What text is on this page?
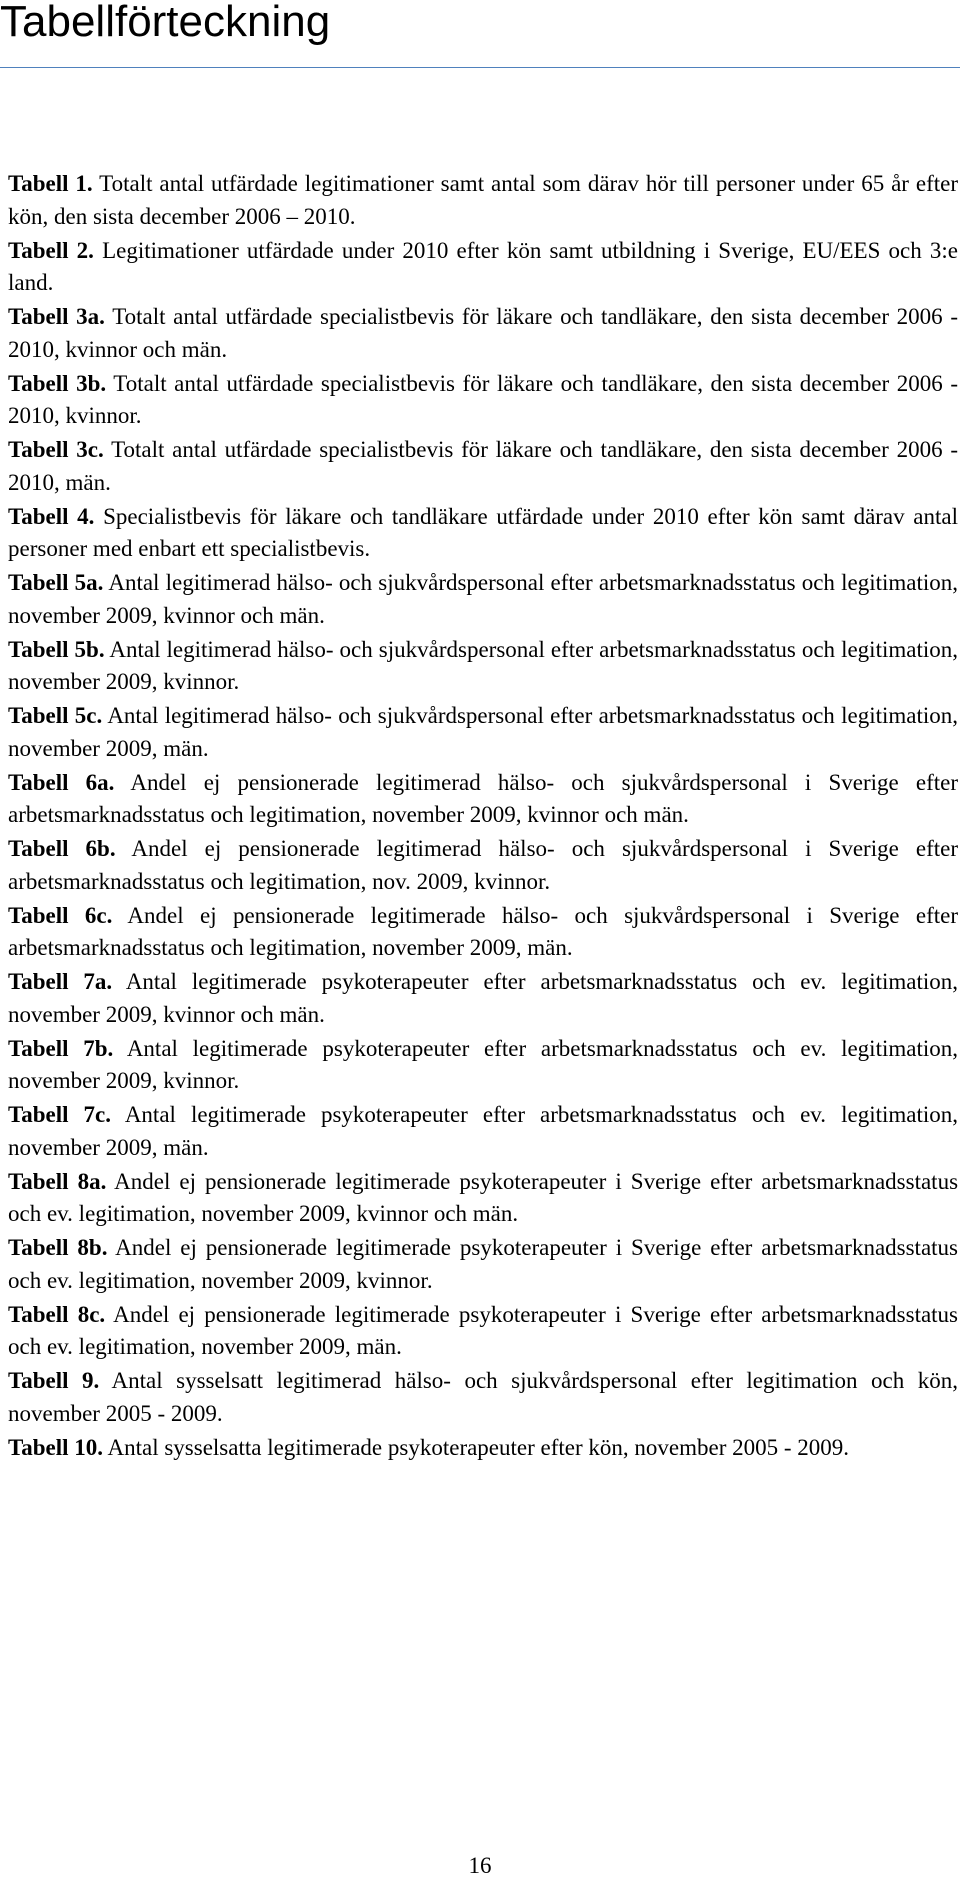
Tabellförteckning
Tabell 1. Totalt antal utfärdade legitimationer samt antal som därav hör till personer under 65 år efter kön, den sista december 2006 – 2010.
Tabell 2. Legitimationer utfärdade under 2010 efter kön samt utbildning i Sverige, EU/EES och 3:e land.
Tabell 3a. Totalt antal utfärdade specialistbevis för läkare och tandläkare, den sista december 2006 - 2010, kvinnor och män.
Tabell 3b. Totalt antal utfärdade specialistbevis för läkare och tandläkare, den sista december 2006 - 2010, kvinnor.
Tabell 3c. Totalt antal utfärdade specialistbevis för läkare och tandläkare, den sista december 2006 - 2010, män.
Tabell 4. Specialistbevis för läkare och tandläkare utfärdade under 2010 efter kön samt därav antal personer med enbart ett specialistbevis.
Tabell 5a. Antal legitimerad hälso- och sjukvårdspersonal efter arbetsmarknadsstatus och legitimation, november 2009, kvinnor och män.
Tabell 5b. Antal legitimerad hälso- och sjukvårdspersonal efter arbetsmarknadsstatus och legitimation, november 2009, kvinnor.
Tabell 5c. Antal legitimerad hälso- och sjukvårdspersonal efter arbetsmarknadsstatus och legitimation, november 2009, män.
Tabell 6a. Andel ej pensionerade legitimerad hälso- och sjukvårdspersonal i Sverige efter arbetsmarknadsstatus och legitimation, november 2009, kvinnor och män.
Tabell 6b. Andel ej pensionerade legitimerad hälso- och sjukvårdspersonal i Sverige efter arbetsmarknadsstatus och legitimation, nov. 2009, kvinnor.
Tabell 6c. Andel ej pensionerade legitimerade hälso- och sjukvårdspersonal i Sverige efter arbetsmarknadsstatus och legitimation, november 2009, män.
Tabell 7a. Antal legitimerade psykoterapeuter efter arbetsmarknadsstatus och ev. legitimation, november 2009, kvinnor och män.
Tabell 7b. Antal legitimerade psykoterapeuter efter arbetsmarknadsstatus och ev. legitimation, november 2009, kvinnor.
Tabell 7c. Antal legitimerade psykoterapeuter efter arbetsmarknadsstatus och ev. legitimation, november 2009, män.
Tabell 8a. Andel ej pensionerade legitimerade psykoterapeuter i Sverige efter arbetsmarknadsstatus och ev. legitimation, november 2009, kvinnor och män.
Tabell 8b. Andel ej pensionerade legitimerade psykoterapeuter i Sverige efter arbetsmarknadsstatus och ev. legitimation, november 2009, kvinnor.
Tabell 8c. Andel ej pensionerade legitimerade psykoterapeuter i Sverige efter arbetsmarknadsstatus och ev. legitimation, november 2009, män.
Tabell 9. Antal sysselsatt legitimerad hälso- och sjukvårdspersonal efter legitimation och kön, november 2005 - 2009.
Tabell 10. Antal sysselsatta legitimerade psykoterapeuter efter kön, november 2005 - 2009.
16
